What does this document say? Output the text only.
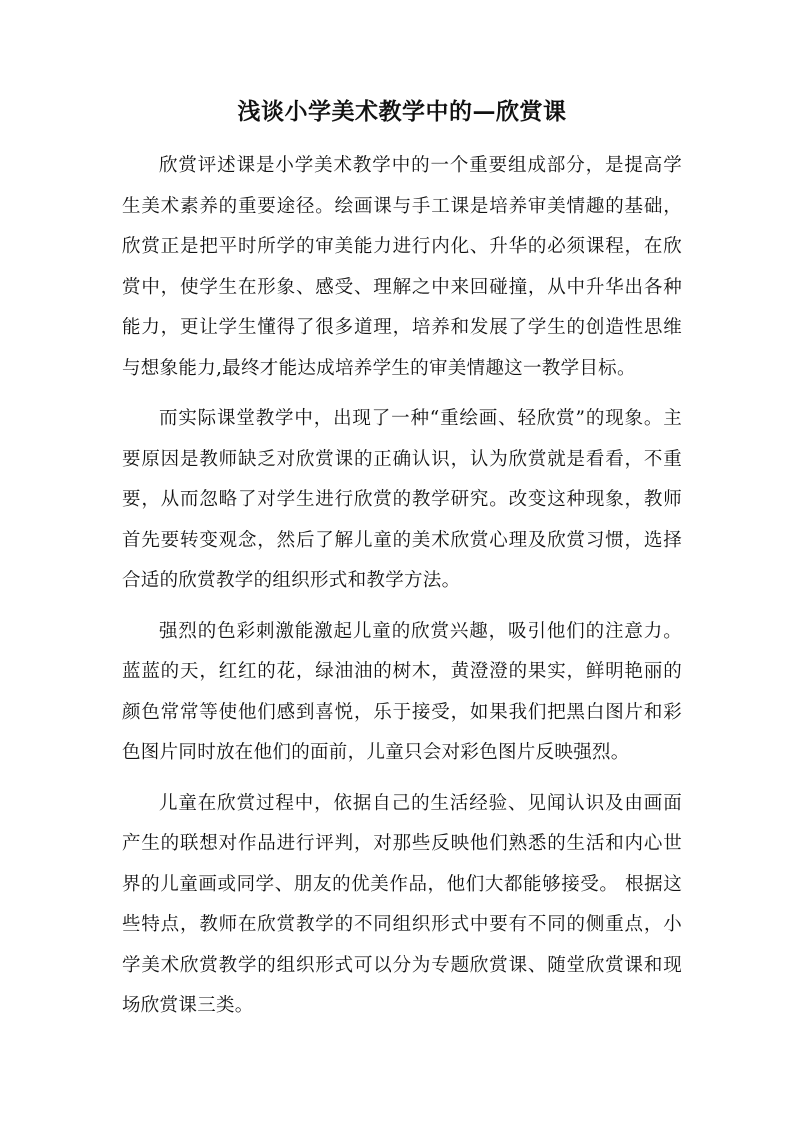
浅谈小学美术教学中的—欣赏课

欣赏评述课是小学美术教学中的一个重要组成部分，是提高学生美术素养的重要途径。绘画课与手工课是培养审美情趣的基础，欣赏正是把平时所学的审美能力进行内化、升华的必须课程，在欣赏中，使学生在形象、感受、理解之中来回碰撞，从中升华出各种能力，更让学生懂得了很多道理，培养和发展了学生的创造性思维与想象能力,最终才能达成培养学生的审美情趣这一教学目标。

而实际课堂教学中，出现了一种“重绘画、轻欣赏”的现象。主要原因是教师缺乏对欣赏课的正确认识，认为欣赏就是看看，不重要，从而忽略了对学生进行欣赏的教学研究。改变这种现象，教师首先要转变观念，然后了解儿童的美术欣赏心理及欣赏习惯，选择合适的欣赏教学的组织形式和教学方法。

强烈的色彩刺激能激起儿童的欣赏兴趣，吸引他们的注意力。蓝蓝的天，红红的花，绿油油的树木，黄澄澄的果实，鲜明艳丽的颜色常常等使他们感到喜悦，乐于接受，如果我们把黑白图片和彩色图片同时放在他们的面前，儿童只会对彩色图片反映强烈。

儿童在欣赏过程中，依据自己的生活经验、见闻认识及由画面产生的联想对作品进行评判，对那些反映他们熟悉的生活和内心世界的儿童画或同学、朋友的优美作品，他们大都能够接受。 根据这些特点，教师在欣赏教学的不同组织形式中要有不同的侧重点，小学美术欣赏教学的组织形式可以分为专题欣赏课、随堂欣赏课和现场欣赏课三类。
